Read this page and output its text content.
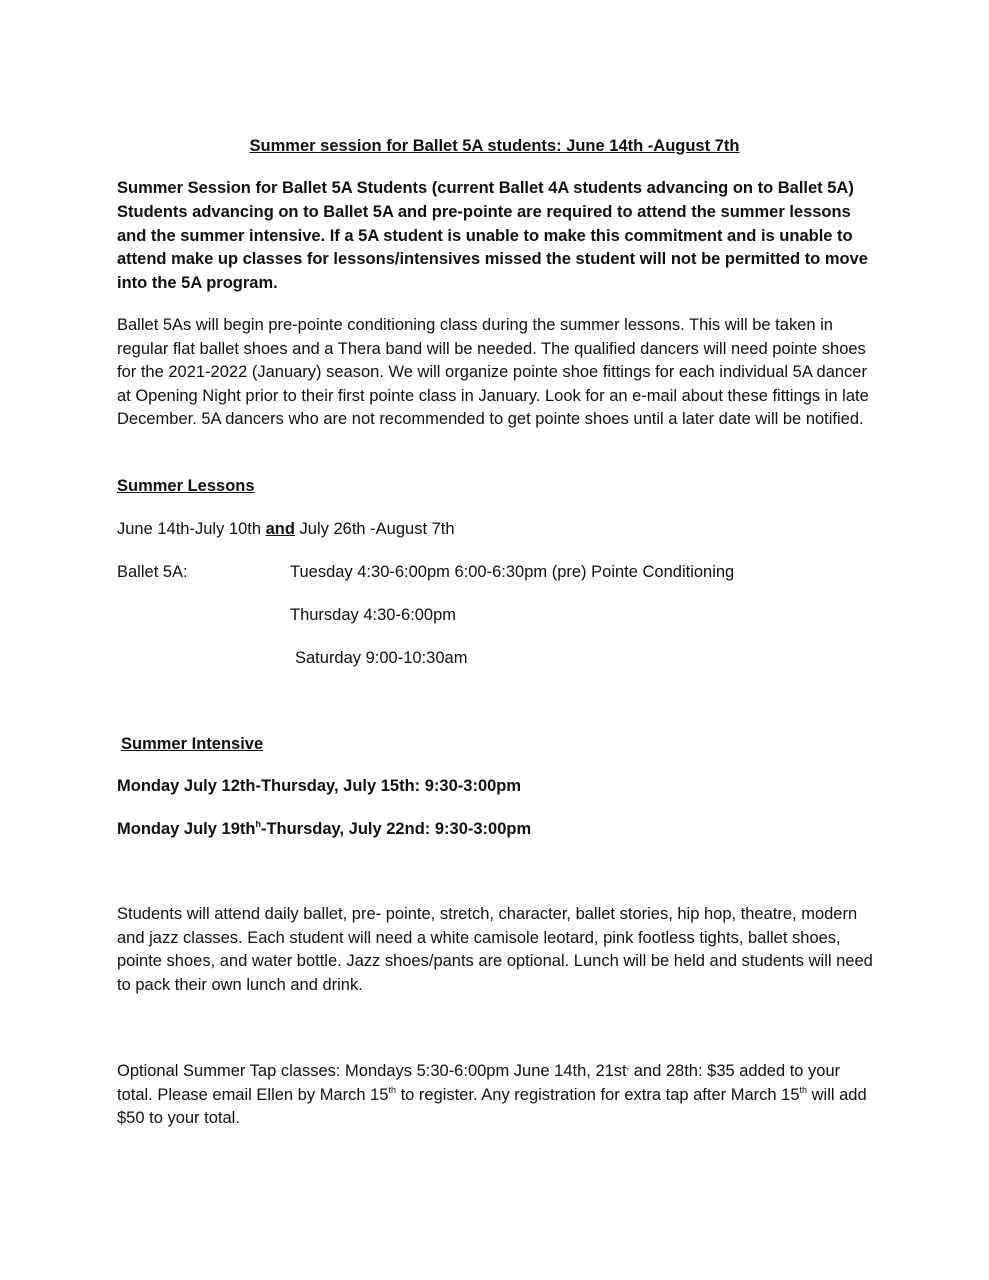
Summer session for Ballet 5A students: June 14th -August 7th
Summer Session for Ballet 5A Students (current Ballet 4A students advancing on to Ballet 5A) Students advancing on to Ballet 5A and pre-pointe are required to attend the summer lessons and the summer intensive. If a 5A student is unable to make this commitment and is unable to attend make up classes for lessons/intensives missed the student will not be permitted to move into the 5A program.
Ballet 5As will begin pre-pointe conditioning class during the summer lessons. This will be taken in regular flat ballet shoes and a Thera band will be needed. The qualified dancers will need pointe shoes for the 2021-2022 (January) season. We will organize pointe shoe fittings for each individual 5A dancer at Opening Night prior to their first pointe class in January. Look for an e-mail about these fittings in late December. 5A dancers who are not recommended to get pointe shoes until a later date will be notified.
Summer Lessons
June 14th-July 10th and July 26th -August 7th
Ballet 5A:	Tuesday 4:30-6:00pm 6:00-6:30pm (pre) Pointe Conditioning
Thursday 4:30-6:00pm
Saturday 9:00-10:30am
Summer Intensive
Monday July 12th-Thursday, July 15th: 9:30-3:00pm
Monday July $19th^h$-Thursday, July 22nd: 9:30-3:00pm
Students will attend daily ballet, pre- pointe, stretch, character, ballet stories, hip hop, theatre, modern and jazz classes. Each student will need a white camisole leotard, pink footless tights, ballet shoes, pointe shoes, and water bottle. Jazz shoes/pants are optional. Lunch will be held and students will need to pack their own lunch and drink.
Optional Summer Tap classes: Mondays 5:30-6:00pm June 14th, 21st, and 28th: $35 added to your total. Please email Ellen by March 15th to register. Any registration for extra tap after March 15th will add $50 to your total.
